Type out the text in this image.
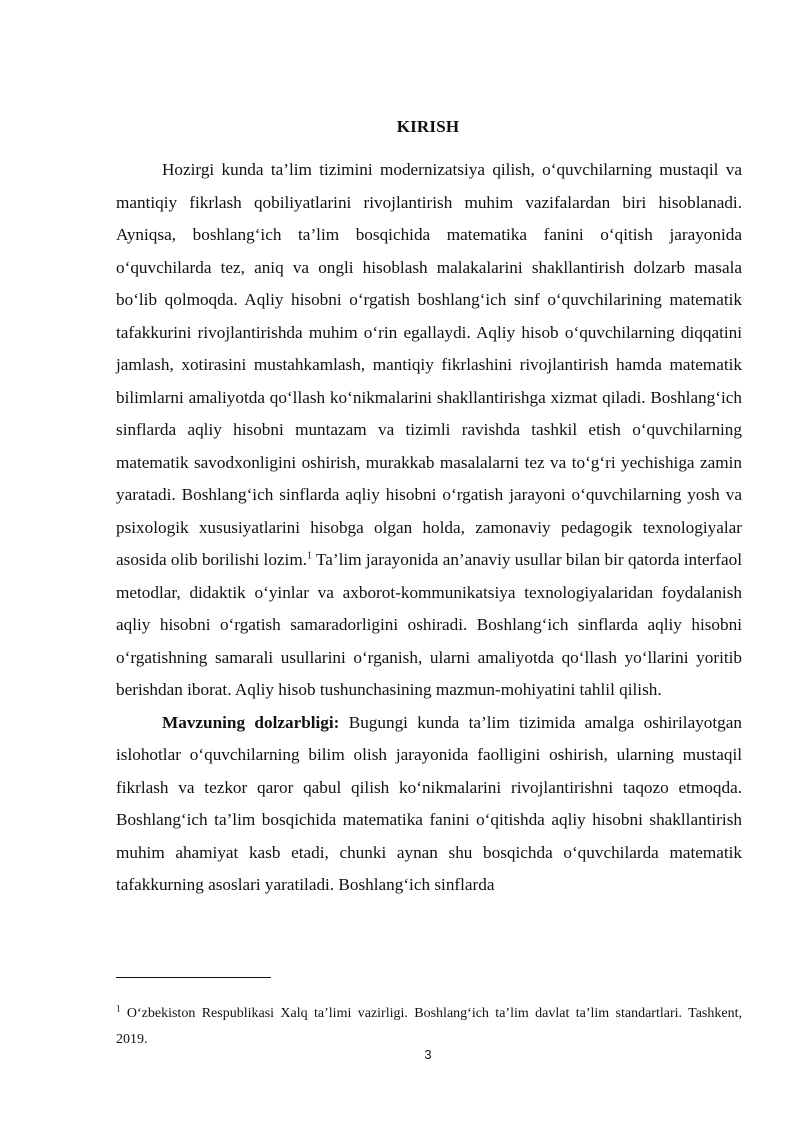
KIRISH

Hozirgi kunda ta’lim tizimini modernizatsiya qilish, o‘quvchilarning mustaqil va mantiqiy fikrlash qobiliyatlarini rivojlantirish muhim vazifalardan biri hisoblanadi. Ayniqsa, boshlang‘ich ta’lim bosqichida matematika fanini o‘qitish jarayonida o‘quvchilarda tez, aniq va ongli hisoblash malakalarini shakllantirish dolzarb masala bo‘lib qolmoqda. Aqliy hisobni o‘rgatish boshlang‘ich sinf o‘quvchilarining matematik tafakkurini rivojlantirishda muhim o‘rin egallaydi. Aqliy hisob o‘quvchilarning diqqatini jamlash, xotirasini mustahkamlash, mantiqiy fikrlashini rivojlantirish hamda matematik bilimlarni amaliyotda qo‘llash ko‘nikmalarini shakllantirishga xizmat qiladi. Boshlang‘ich sinflarda aqliy hisobni muntazam va tizimli ravishda tashkil etish o‘quvchilarning matematik savodxonligini oshirish, murakkab masalalarni tez va to‘g‘ri yechishiga zamin yaratadi. Boshlang‘ich sinflarda aqliy hisobni o‘rgatish jarayoni o‘quvchilarning yosh va psixologik xususiyatlarini hisobga olgan holda, zamonaviy pedagogik texnologiyalar asosida olib borilishi lozim.$^1$ Ta’lim jarayonida an’anaviy usullar bilan bir qatorda interfaol metodlar, didaktik o‘yinlar va axborot-kommunikatsiya texnologiyalaridan foydalanish aqliy hisobni o‘rgatish samaradorligini oshiradi. Boshlang‘ich sinflarda aqliy hisobni o‘rgatishning samarali usullarini o‘rganish, ularni amaliyotda qo‘llash yo‘llarini yoritib berishdan iborat. Aqliy hisob tushunchasining mazmun-mohiyatini tahlil qilish.

Mavzuning dolzarbligi: Bugungi kunda ta’lim tizimida amalga oshirilayotgan islohotlar o‘quvchilarning bilim olish jarayonida faolligini oshirish, ularning mustaqil fikrlash va tezkor qaror qabul qilish ko‘nikmalarini rivojlantirishni taqozo etmoqda. Boshlang‘ich ta’lim bosqichida matematika fanini o‘qitishda aqliy hisobni shakllantirish muhim ahamiyat kasb etadi, chunki aynan shu bosqichda o‘quvchilarda matematik tafakkurning asoslari yaratiladi. Boshlang‘ich sinflarda

$^1$ O‘zbekiston Respublikasi Xalq ta’limi vazirligi. Boshlang‘ich ta’lim davlat ta’lim standartlari. Tashkent, 2019.
3
